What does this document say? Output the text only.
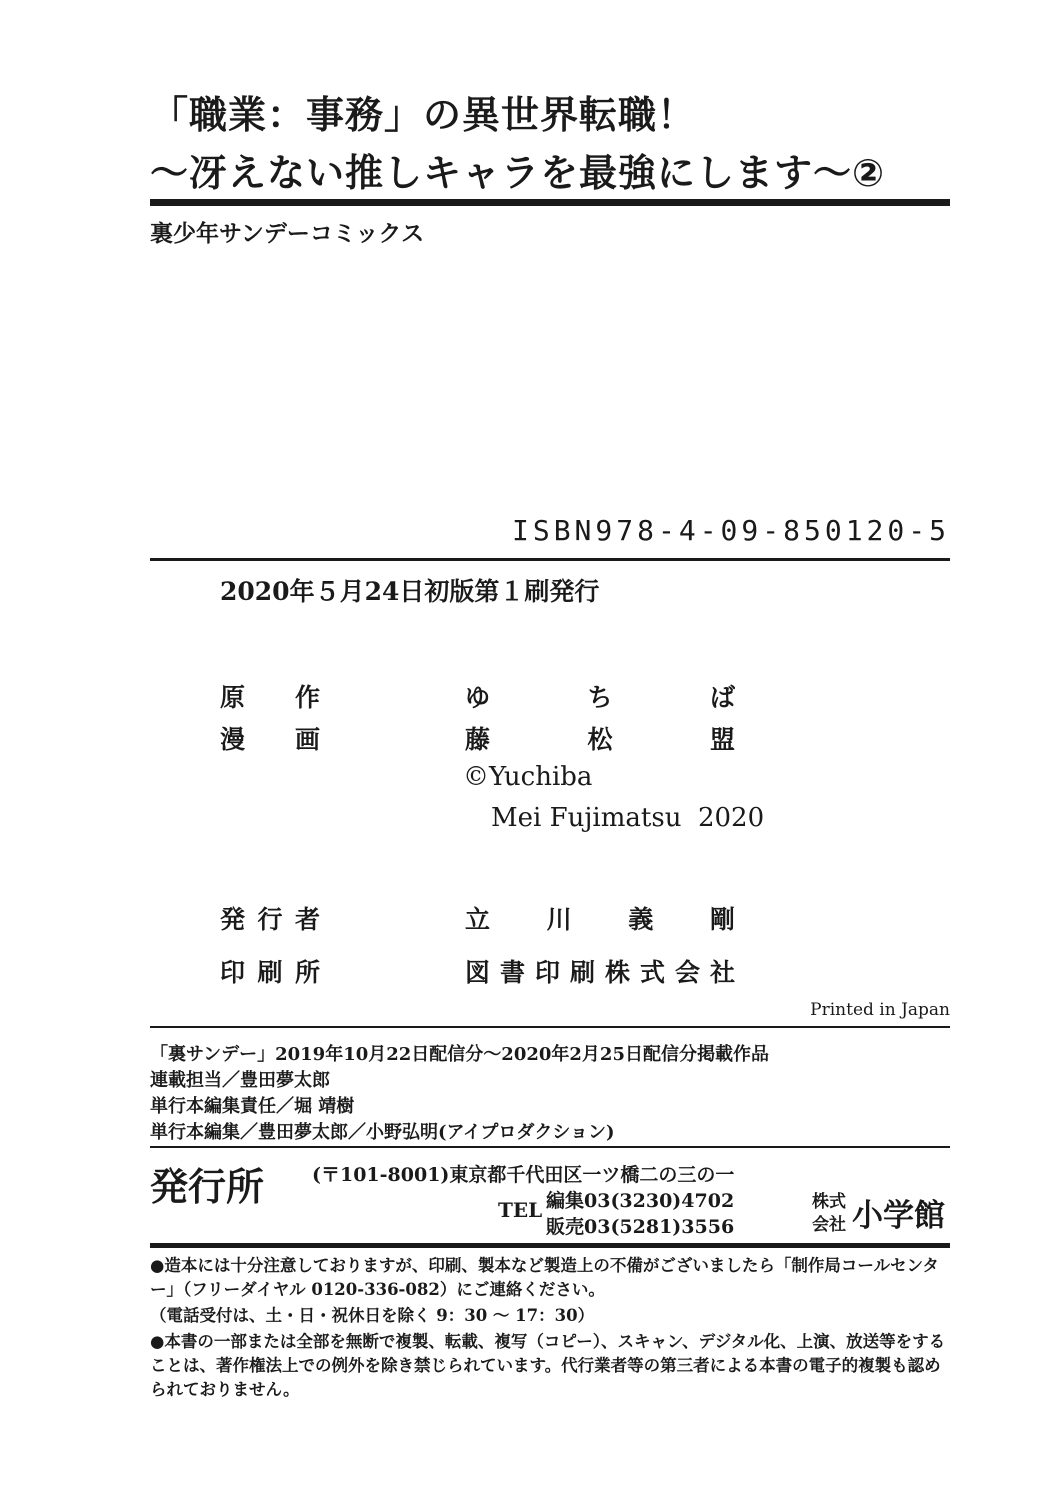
「職業：事務」の異世界転職！
〜冴えない推しキャラを最強にします〜②
裏少年サンデーコミックス
ISBN978-4-09-850120-5
2020年５月24日初版第１刷発行
原作	ゆちば
漫画	藤松盟
©Yuchiba
Mei Fujimatsu  2020
発行者	立川義剛
印刷所	図書印刷株式会社
Printed in Japan
「裏サンデー」2019年10月22日配信分〜2020年2月25日配信分掲載作品
連載担当／豊田夢太郎
単行本編集責任／堀 靖樹
単行本編集／豊田夢太郎／小野弘明(アイプロダクション)
発行所	(〒101-8001)東京都千代田区一ツ橋二の三の一
TEL 編集03(3230)4702
販売03(5281)3556
株式
会社 小学館
●造本には十分注意しておりますが、印刷、製本など製造上の不備がございましたら「制作局コールセンター」（フリーダイヤル 0120-336-082）にご連絡ください。
（電話受付は、土・日・祝休日を除く 9：30 〜 17：30）
●本書の一部または全部を無断で複製、転載、複写（コピー）、スキャン、デジタル化、上演、放送等をすることは、著作権法上での例外を除き禁じられています。代行業者等の第三者による本書の電子的複製も認められておりません。
